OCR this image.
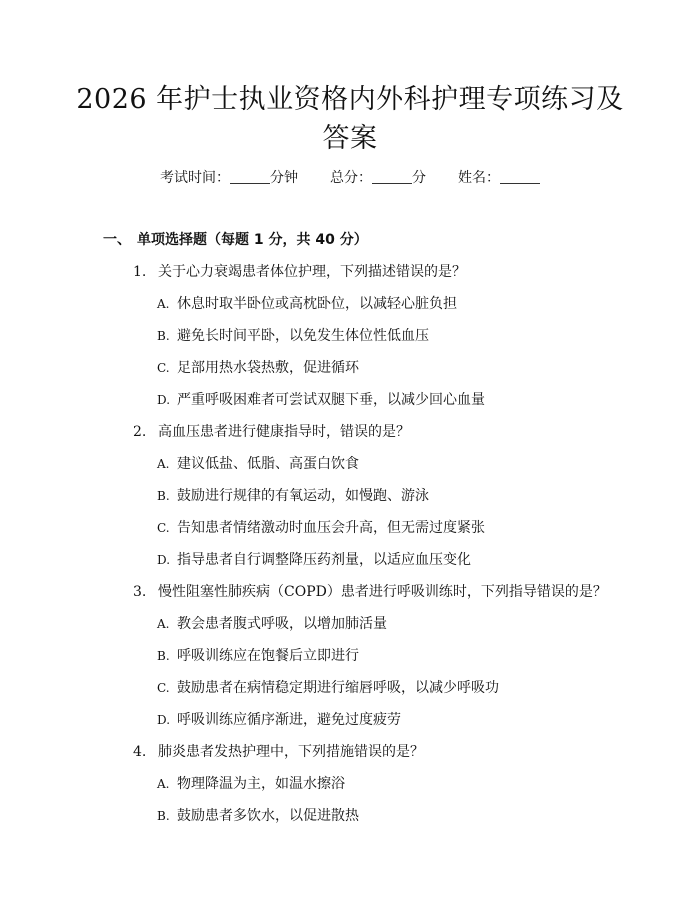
2026 年护士执业资格内外科护理专项练习及
答案
考试时间：	分钟 总分：	分 姓名：
一、 单项选择题（每题 1 分，共 40 分）
1. 关于心力衰竭患者体位护理，下列描述错误的是？
A. 休息时取半卧位或高枕卧位，以减轻心脏负担
B. 避免长时间平卧，以免发生体位性低血压
C. 足部用热水袋热敷，促进循环
D. 严重呼吸困难者可尝试双腿下垂，以减少回心血量
2. 高血压患者进行健康指导时，错误的是？
A. 建议低盐、低脂、高蛋白饮食
B. 鼓励进行规律的有氧运动，如慢跑、游泳
C. 告知患者情绪激动时血压会升高，但无需过度紧张
D. 指导患者自行调整降压药剂量，以适应血压变化
3. 慢性阻塞性肺疾病（COPD）患者进行呼吸训练时，下列指导错误的是？
A. 教会患者腹式呼吸，以增加肺活量
B. 呼吸训练应在饱餐后立即进行
C. 鼓励患者在病情稳定期进行缩唇呼吸，以减少呼吸功
D. 呼吸训练应循序渐进，避免过度疲劳
4. 肺炎患者发热护理中，下列措施错误的是？
A. 物理降温为主，如温水擦浴
B. 鼓励患者多饮水，以促进散热
